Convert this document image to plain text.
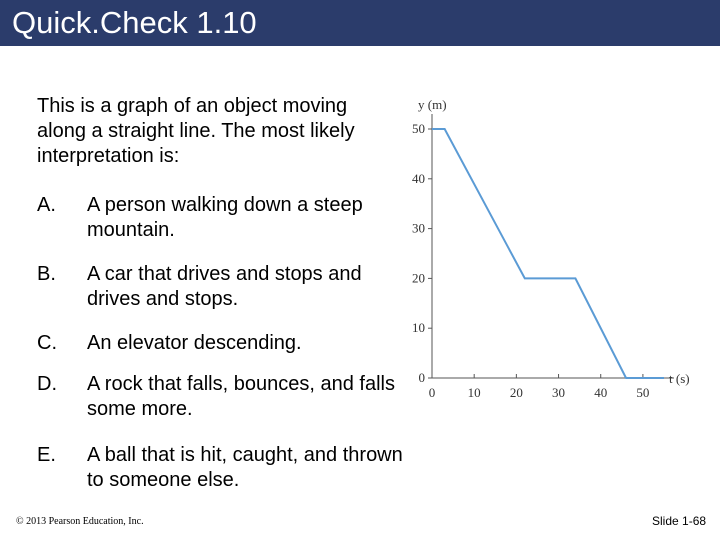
Quick.Check 1.10
This is a graph of an object moving along a straight line. The most likely interpretation is:
A. A person walking down a steep mountain.
B. A car that drives and stops and drives and stops.
C. An elevator descending.
D. A rock that falls, bounces, and falls some more.
E. A ball that is hit, caught, and thrown to someone else.
0
10
20
30
40
50
0 10 20 30 40 50
y (m)
t (s)
© 2013 Pearson Education, Inc.	Slide 1-68
